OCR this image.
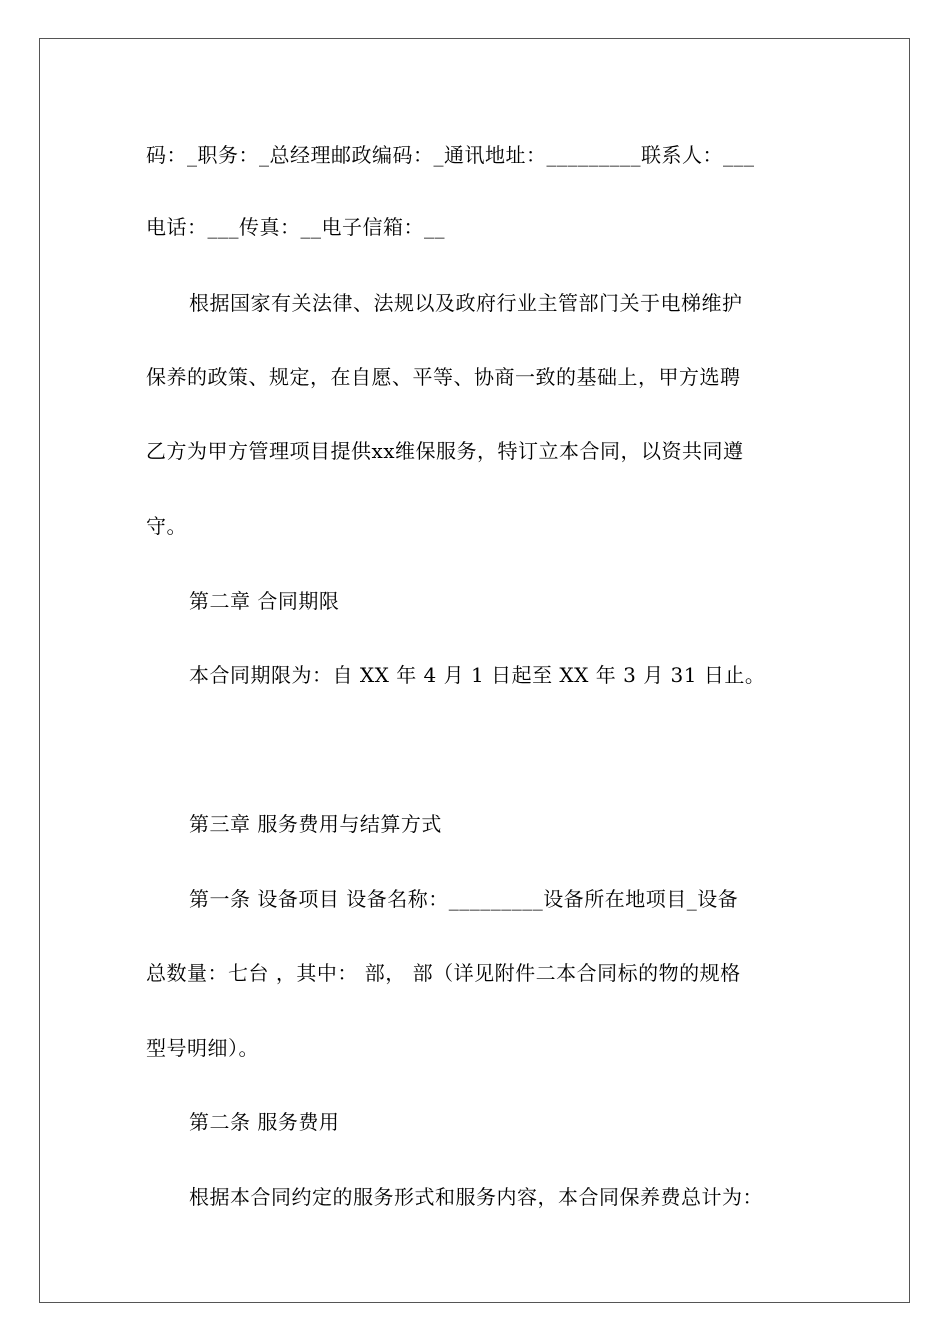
码：_职务：_总经理邮政编码：_通讯地址：_________联系人：___
电话：___传真：__电子信箱：__
根据国家有关法律、法规以及政府行业主管部门关于电梯维护
保养的政策、规定，在自愿、平等、协商一致的基础上，甲方选聘
乙方为甲方管理项目提供xx维保服务，特订立本合同，以资共同遵
守。
第二章 合同期限
本合同期限为：自 XX 年 4 月 1 日起至 XX 年 3 月 31 日止。
第三章 服务费用与结算方式
第一条 设备项目 设备名称：_________设备所在地项目_设备
总数量：七台 ，其中： 部， 部（详见附件二本合同标的物的规格
型号明细）。
第二条 服务费用
根据本合同约定的服务形式和服务内容，本合同保养费总计为：
